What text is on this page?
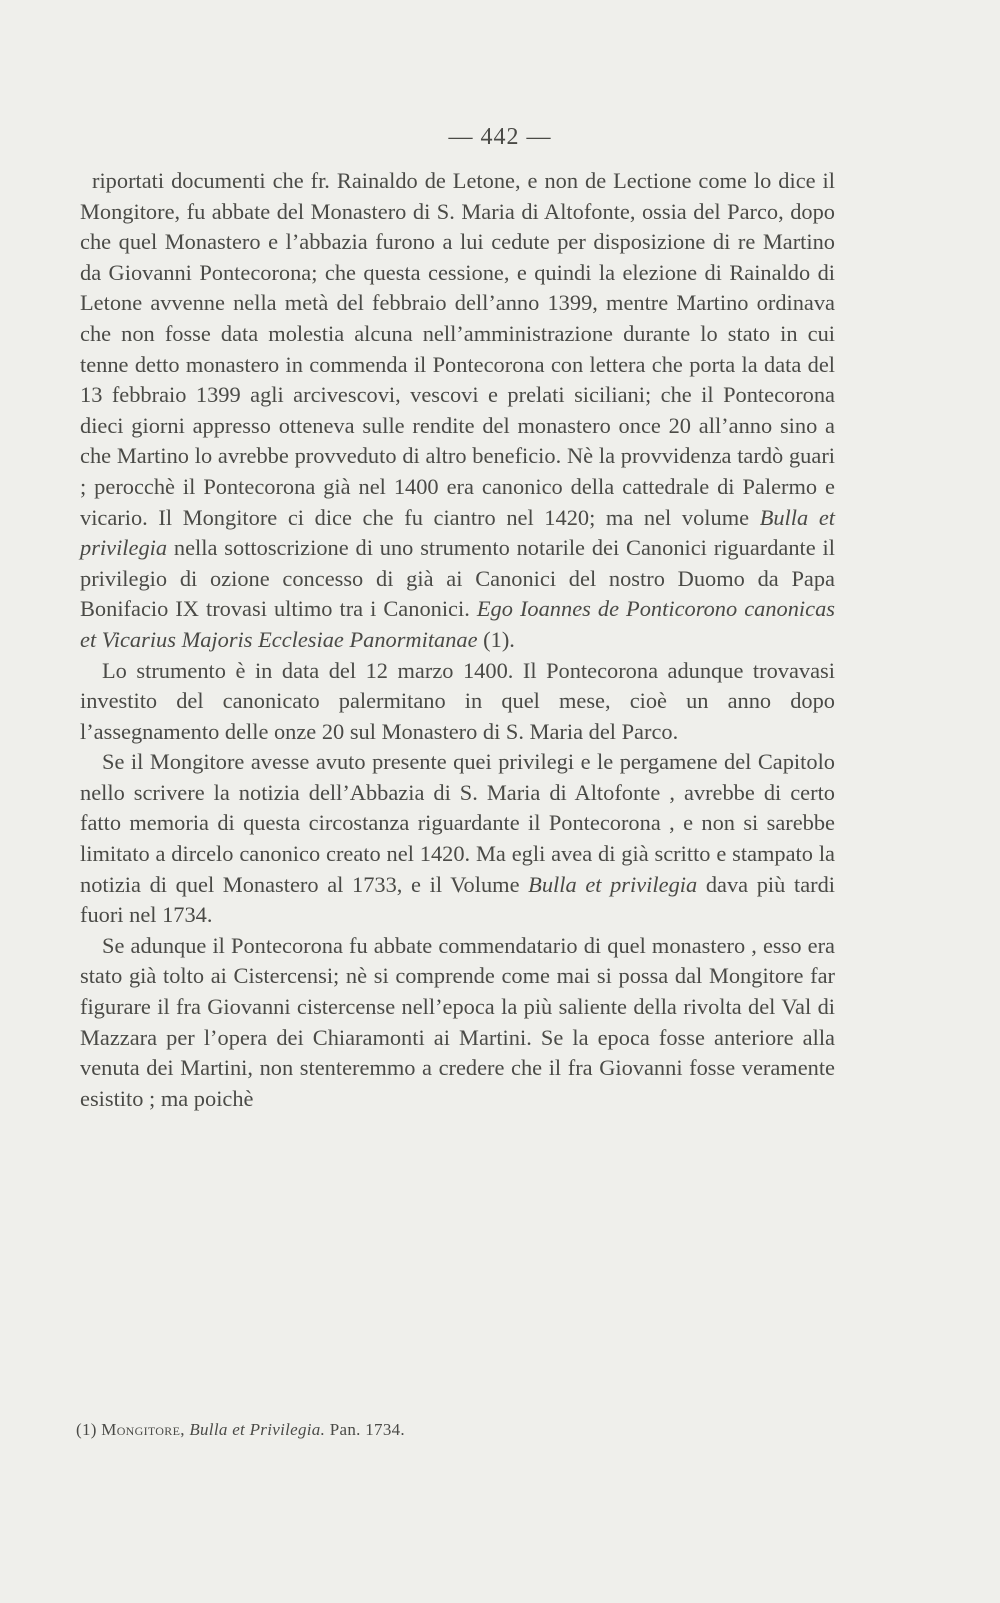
— 442 —

riportati documenti che fr. Rainaldo de Letone, e non de Lectione come lo dice il Mongitore, fu abbate del Monastero di S. Maria di Altofonte, ossia del Parco, dopo che quel Monastero e l’abbazia furono a lui cedute per disposizione di re Martino da Giovanni Pontecorona; che questa cessione, e quindi la elezione di Rainaldo di Letone avvenne nella metà del febbraio dell’anno 1399, mentre Martino ordinava che non fosse data molestia alcuna nell’amministrazione durante lo stato in cui tenne detto monastero in commenda il Pontecorona con lettera che porta la data del 13 febbraio 1399 agli arcivescovi, vescovi e prelati siciliani; che il Pontecorona dieci giorni appresso otteneva sulle rendite del monastero once 20 all’anno sino a che Martino lo avrebbe provveduto di altro beneficio. Nè la provvidenza tardò guari ; perocchè il Pontecorona già nel 1400 era canonico della cattedrale di Palermo e vicario. Il Mongitore ci dice che fu ciantro nel 1420; ma nel volume Bulla et privilegia nella sottoscrizione di uno strumento notarile dei Canonici riguardante il privilegio di ozione concesso di già ai Canonici del nostro Duomo da Papa Bonifacio IX trovasi ultimo tra i Canonici. Ego Ioannes de Ponticorono canonicas et Vicarius Majoris Ecclesiae Panormitanae (1).

Lo strumento è in data del 12 marzo 1400. Il Pontecorona adunque trovavasi investito del canonicato palermitano in quel mese, cioè un anno dopo l’assegnamento delle onze 20 sul Monastero di S. Maria del Parco.

Se il Mongitore avesse avuto presente quei privilegi e le pergamene del Capitolo nello scrivere la notizia dell’Abbazia di S. Maria di Altofonte , avrebbe di certo fatto memoria di questa circostanza riguardante il Pontecorona , e non si sarebbe limitato a dircelo canonico creato nel 1420. Ma egli avea di già scritto e stampato la notizia di quel Monastero al 1733, e il Volume Bulla et privilegia dava più tardi fuori nel 1734.

Se adunque il Pontecorona fu abbate commendatario di quel monastero , esso era stato già tolto ai Cistercensi; nè si comprende come mai si possa dal Mongitore far figurare il fra Giovanni cistercense nell’epoca la più saliente della rivolta del Val di Mazzara per l’opera dei Chiaramonti ai Martini. Se la epoca fosse anteriore alla venuta dei Martini, non stenteremmo a credere che il fra Giovanni fosse veramente esistito ; ma poichè

(1) Mongitore, Bulla et Privilegia. Pan. 1734.
